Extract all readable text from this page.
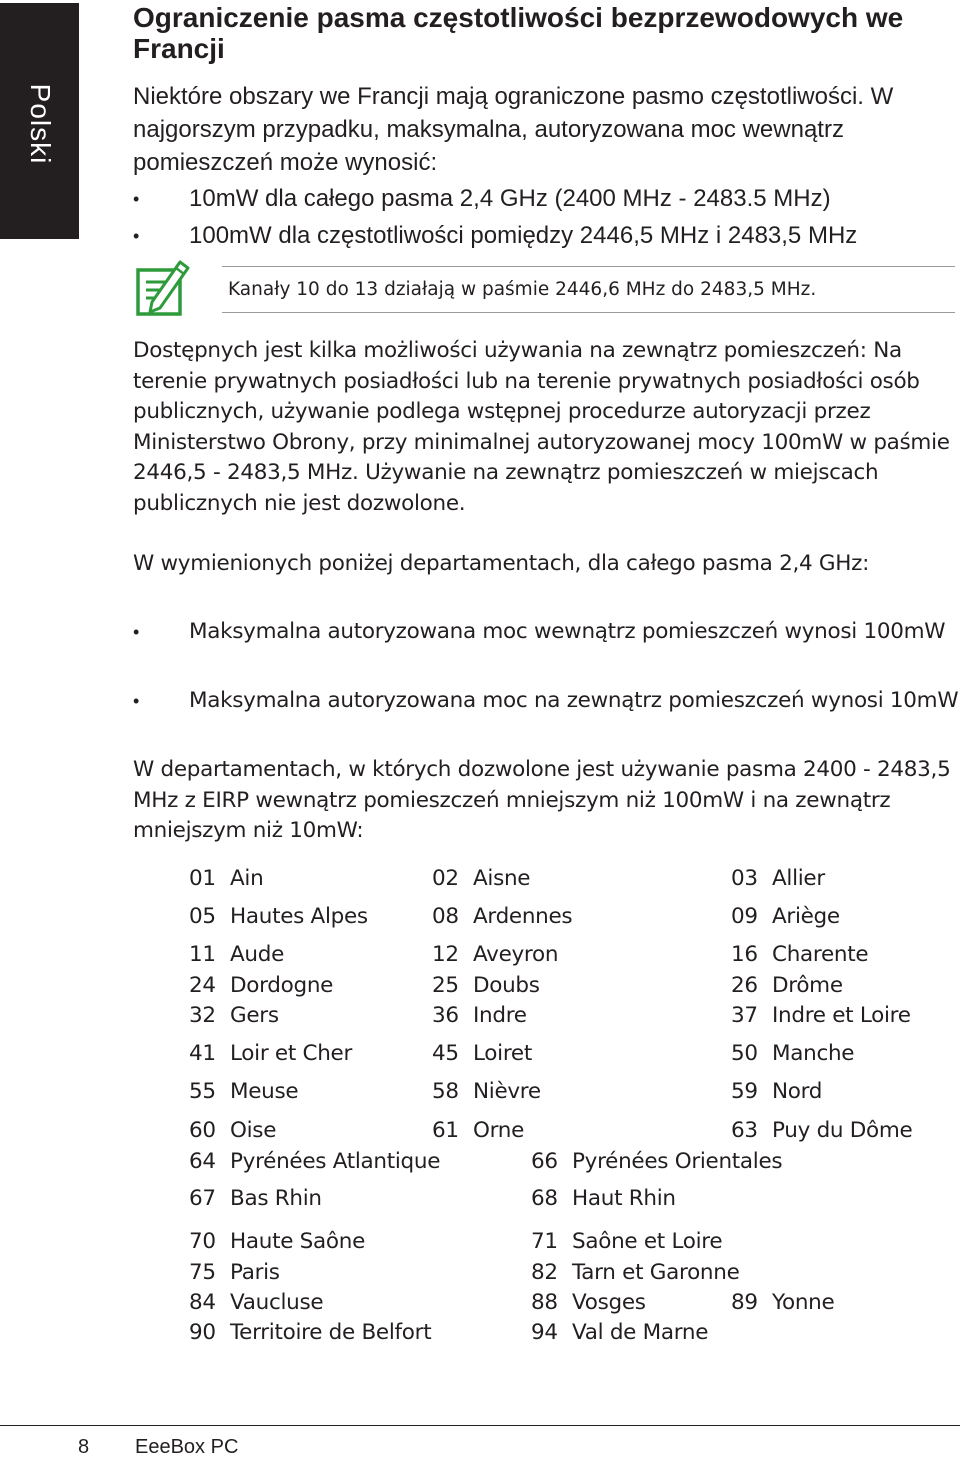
Polski
Ograniczenie pasma częstotliwości bezprzewodowych we Francji
Niektóre obszary we Francji mają ograniczone pasmo częstotliwości. W najgorszym przypadku, maksymalna, autoryzowana moc wewnątrz pomieszczeń może wynosić:
• 10mW dla całego pasma 2,4 GHz (2400 MHz - 2483.5 MHz)
• 100mW dla częstotliwości pomiędzy 2446,5 MHz i 2483,5 MHz
Kanały 10 do 13 działają w paśmie 2446,6 MHz do 2483,5 MHz.
Dostępnych jest kilka możliwości używania na zewnątrz pomieszczeń: Na terenie prywatnych posiadłości lub na terenie prywatnych posiadłości osób publicznych, używanie podlega wstępnej procedurze autoryzacji przez Ministerstwo Obrony, przy minimalnej autoryzowanej mocy 100mW w paśmie 2446,5 - 2483,5 MHz. Używanie na zewnątrz pomieszczeń w miejscach publicznych nie jest dozwolone.
W wymienionych poniżej departamentach, dla całego pasma 2,4 GHz:
• Maksymalna autoryzowana moc wewnątrz pomieszczeń wynosi 100mW
• Maksymalna autoryzowana moc na zewnątrz pomieszczeń wynosi 10mW
W departamentach, w których dozwolone jest używanie pasma 2400 - 2483,5 MHz z EIRP wewnątrz pomieszczeń mniejszym niż 100mW i na zewnątrz mniejszym niż 10mW:
01 Ain	02 Aisne	03 Allier
05 Hautes Alpes	08 Ardennes	09 Ariège
11 Aude	12 Aveyron	16 Charente
24 Dordogne	25 Doubs	26 Drôme
32 Gers	36 Indre	37 Indre et Loire
41 Loir et Cher	45 Loiret	50 Manche
55 Meuse	58 Nièvre	59 Nord
60 Oise	61 Orne	63 Puy du Dôme
64 Pyrénées Atlantique	66 Pyrénées Orientales
67 Bas Rhin	68 Haut Rhin
70 Haute Saône	71 Saône et Loire
75 Paris	82 Tarn et Garonne
84 Vaucluse	88 Vosges	89 Yonne
90 Territoire de Belfort	94 Val de Marne
8 EeeBox PC
